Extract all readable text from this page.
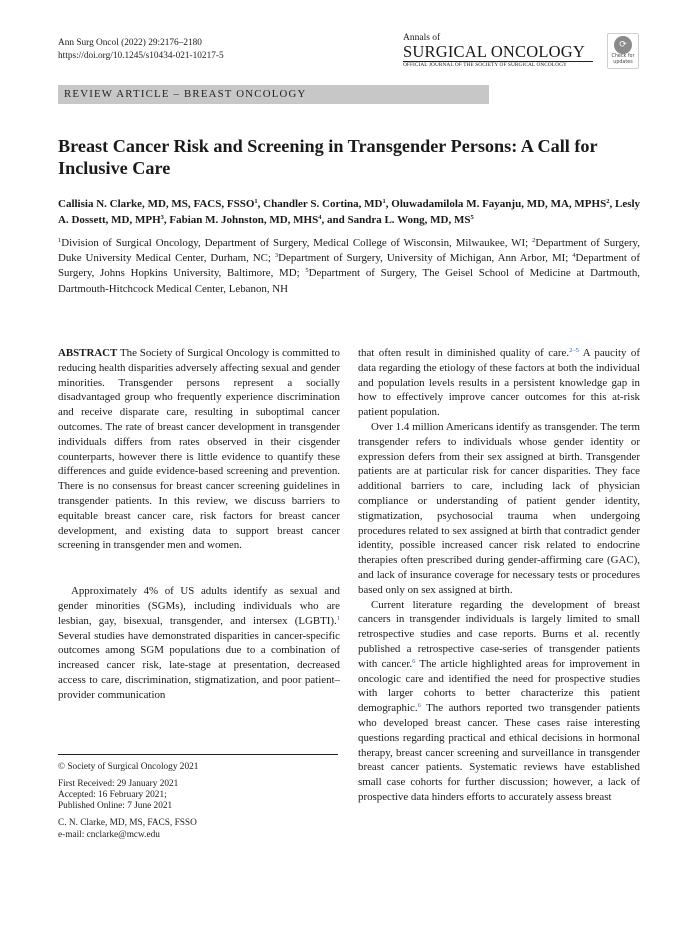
Ann Surg Oncol (2022) 29:2176–2180
https://doi.org/10.1245/s10434-021-10217-5
Annals of
SURGICAL ONCOLOGY
OFFICIAL JOURNAL OF THE SOCIETY OF SURGICAL ONCOLOGY
⟳
Check for
updates
REVIEW ARTICLE – BREAST ONCOLOGY
Breast Cancer Risk and Screening in Transgender Persons: A Call for Inclusive Care
Callisia N. Clarke, MD, MS, FACS, FSSO$^1$, Chandler S. Cortina, $MD^1$, Oluwadamilola M. Fayanju, MD, MA, MPHS$^2$, Lesly A. Dossett, MD, MPH$^3$, Fabian M. Johnston, MD, MHS$^4$, and Sandra L. Wong, MD, $MS^5$
$^1$Division of Surgical Oncology, Department of Surgery, Medical College of Wisconsin, Milwaukee, WI; $^2$Department of Surgery, Duke University Medical Center, Durham, NC; $^3$Department of Surgery, University of Michigan, Ann Arbor, MI; $^4$Department of Surgery, Johns Hopkins University, Baltimore, MD; $^5$Department of Surgery, The Geisel School of Medicine at Dartmouth, Dartmouth-Hitchcock Medical Center, Lebanon, NH

ABSTRACT The Society of Surgical Oncology is committed to reducing health disparities adversely affecting sexual and gender minorities. Transgender persons represent a socially disadvantaged group who frequently experience discrimination and receive disparate care, resulting in suboptimal cancer outcomes. The rate of breast cancer development in transgender individuals differs from rates observed in their cisgender counterparts, however there is little evidence to quantify these differences and guide evidence-based screening and prevention. There is no consensus for breast cancer screening guidelines in transgender patients. In this review, we discuss barriers to equitable breast cancer care, risk factors for breast cancer development, and existing data to support breast cancer screening in transgender men and women.

Approximately 4% of US adults identify as sexual and gender minorities (SGMs), including individuals who are lesbian, gay, bisexual, transgender, and intersex (LGBTI).$^1$ Several studies have demonstrated disparities in cancer-specific outcomes among SGM populations due to a combination of increased cancer risk, late-stage at presentation, decreased access to care, discrimination, stigmatization, and poor patient–provider communication

that often result in diminished quality of care.$^{2-5}$ A paucity of data regarding the etiology of these factors at both the individual and population levels results in a persistent knowledge gap in how to effectively improve cancer outcomes for this at-risk patient population.

Over 1.4 million Americans identify as transgender. The term transgender refers to individuals whose gender identity or expression defers from their sex assigned at birth. Transgender patients are at particular risk for cancer disparities. They face additional barriers to care, including lack of physician compliance or understanding of patient gender identity, stigmatization, psychosocial trauma when undergoing procedures related to sex assigned at birth that contradict gender identity, possible increased cancer risk related to endocrine therapies often prescribed during gender-affirming care (GAC), and lack of insurance coverage for necessary tests or procedures based only on sex assigned at birth.

Current literature regarding the development of breast cancers in transgender individuals is largely limited to small retrospective studies and case reports. Burns et al. recently published a retrospective case-series of transgender patients with cancer.$^6$ The article highlighted areas for improvement in oncologic care and identified the need for prospective studies with larger cohorts to better characterize this patient demographic.$^6$ The authors reported two transgender patients who developed breast cancer. These cases raise interesting questions regarding practical and ethical decisions in hormonal therapy, breast cancer screening and surveillance in transgender breast cancer patients. Systematic reviews have established small case cohorts for further discussion; however, a lack of prospective data hinders efforts to accurately assess breast

© Society of Surgical Oncology 2021
First Received: 29 January 2021
Accepted: 16 February 2021;
Published Online: 7 June 2021
C. N. Clarke, MD, MS, FACS, FSSO
e-mail: cnclarke@mcw.edu
